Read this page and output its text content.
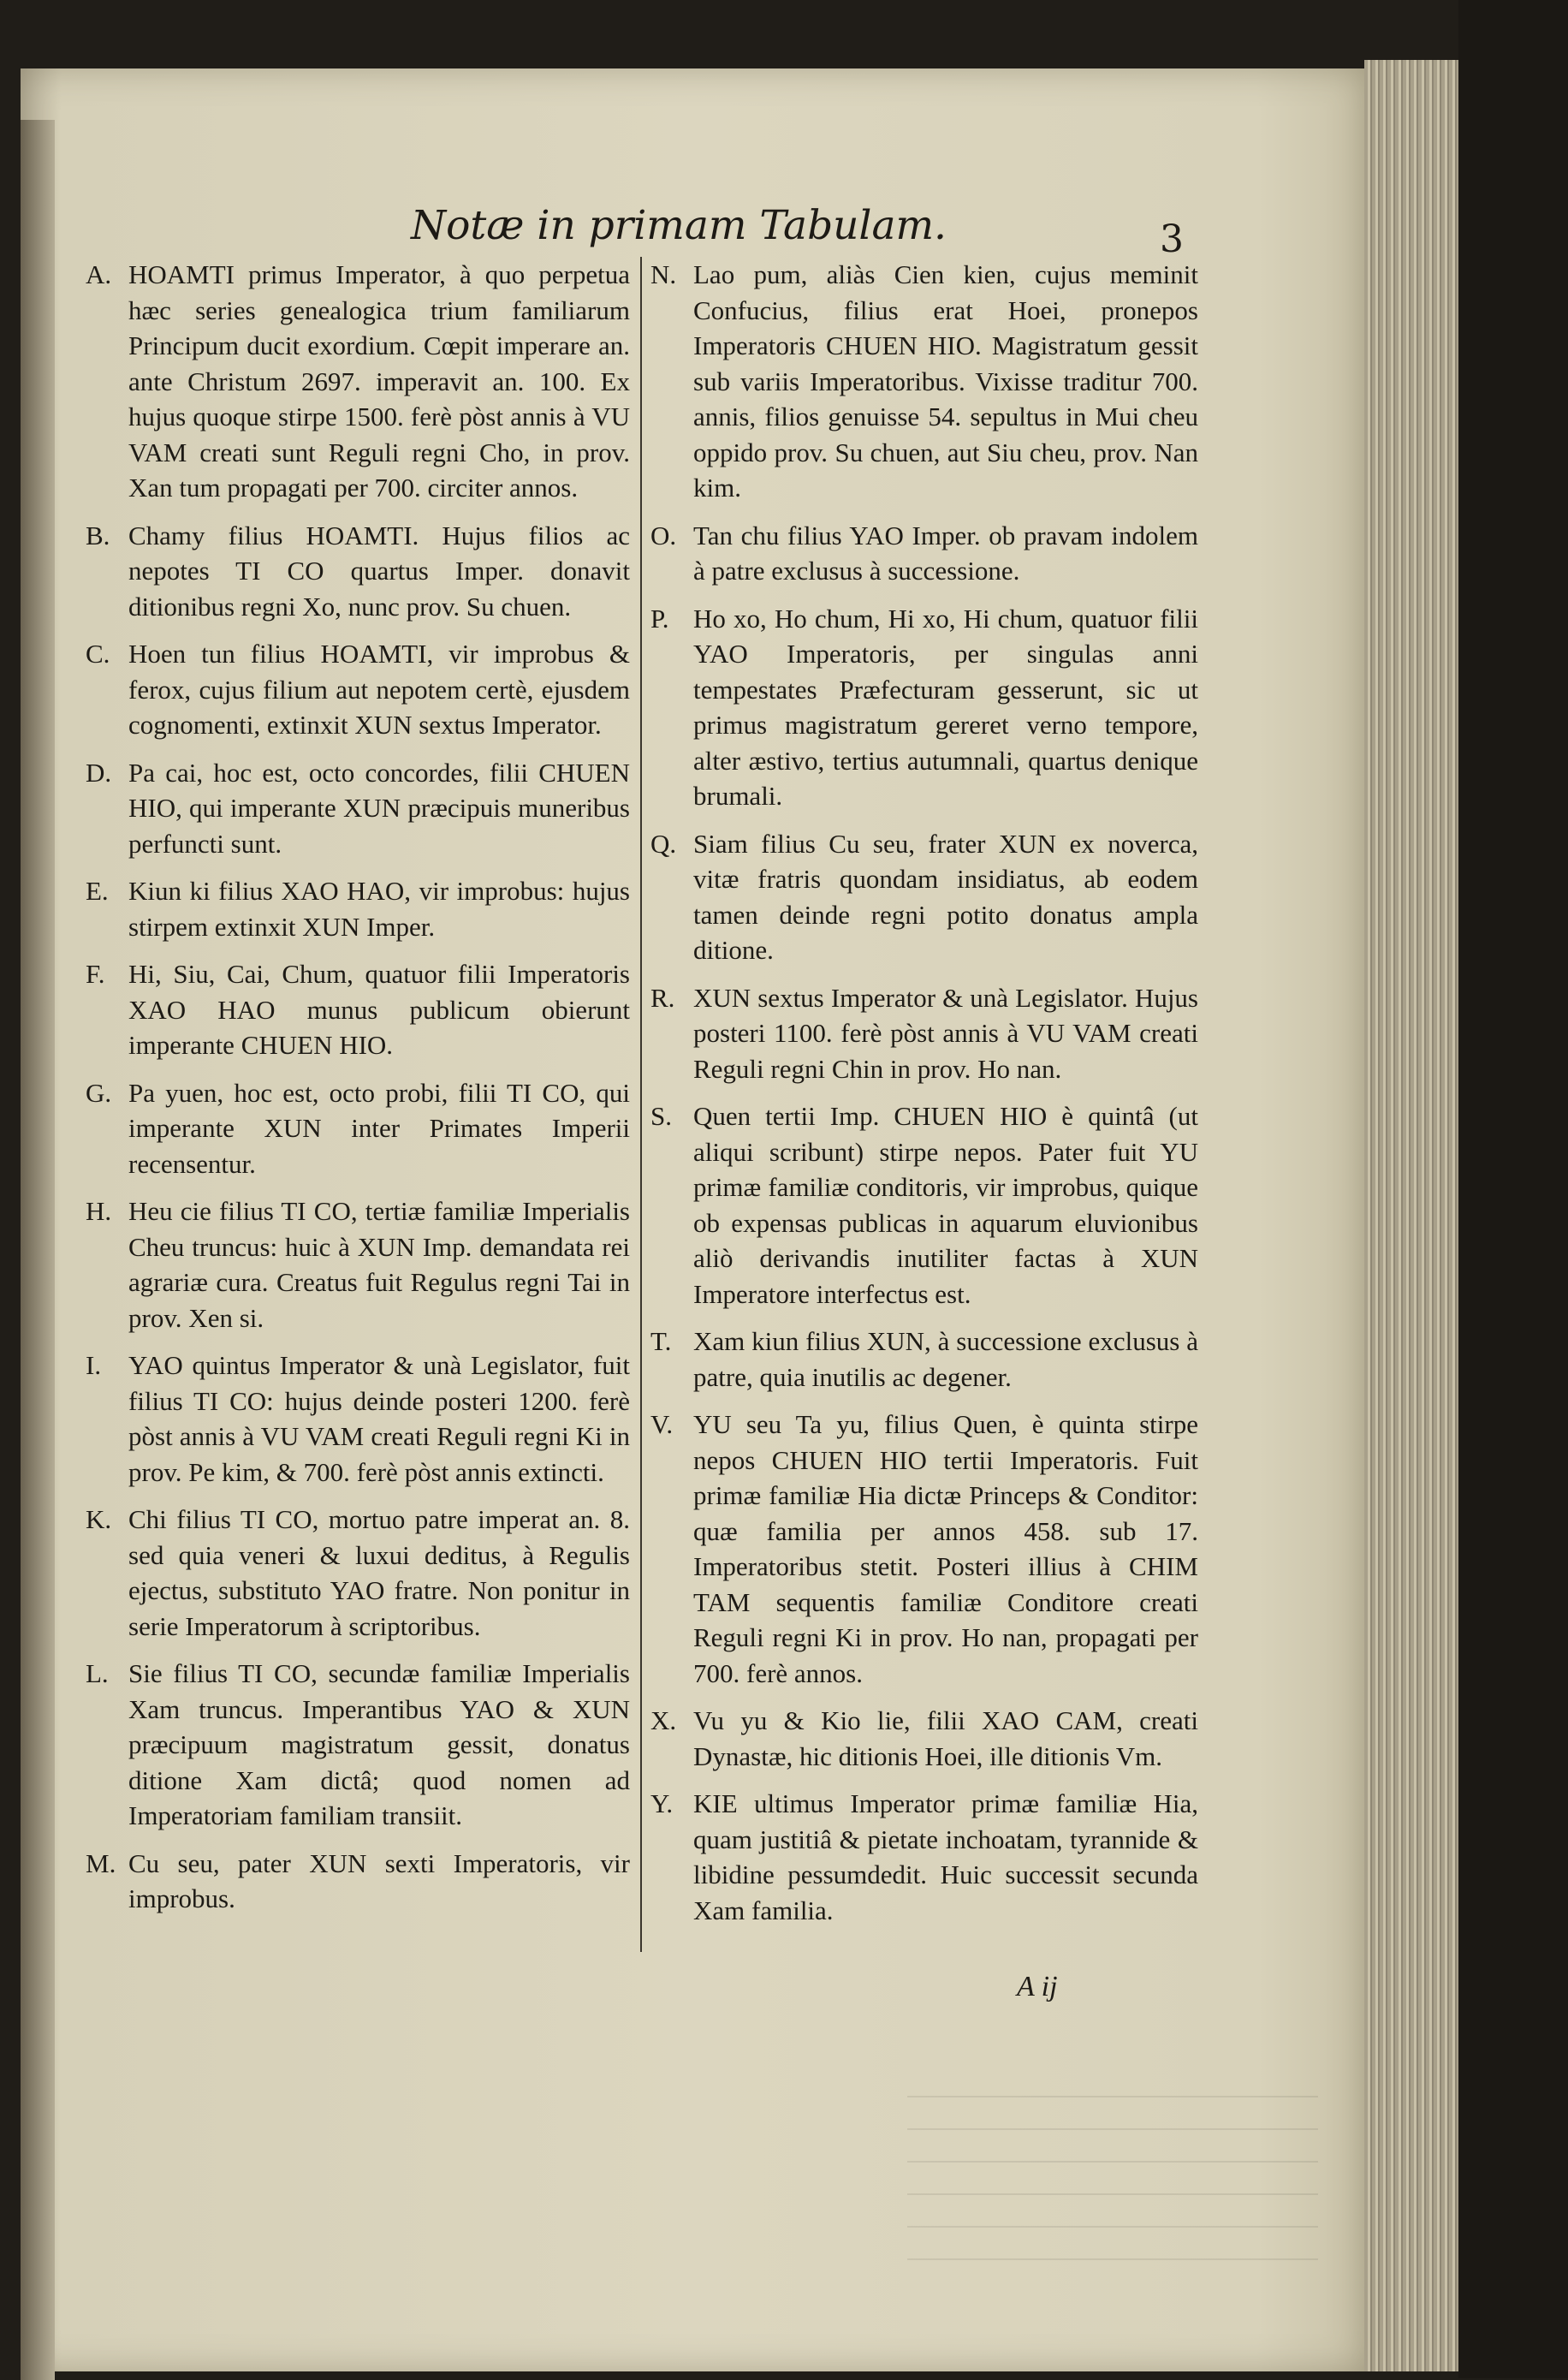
Notæ in primam Tabulam.	3
A. HOAMTI primus Imperator, à quo perpetua hæc series genealogica trium familiarum Principum ducit exordium. Cœpit imperare an. ante Christum 2697. imperavit an. 100. Ex hujus quoque stirpe 1500. ferè pòst annis à VU VAM creati sunt Reguli regni Cho, in prov. Xan tum propagati per 700. circiter annos.
B. Chamy filius HOAMTI. Hujus filios ac nepotes TI CO quartus Imper. donavit ditionibus regni Xo, nunc prov. Su chuen.
C. Hoen tun filius HOAMTI, vir improbus & ferox, cujus filium aut nepotem certè, ejusdem cognomenti, extinxit XUN sextus Imperator.
D. Pa cai, hoc est, octo concordes, filii CHUEN HIO, qui imperante XUN præcipuis muneribus perfuncti sunt.
E. Kiun ki filius XAO HAO, vir improbus: hujus stirpem extinxit XUN Imper.
F. Hi, Siu, Cai, Chum, quatuor filii Imperatoris XAO HAO munus publicum obierunt imperante CHUEN HIO.
G. Pa yuen, hoc est, octo probi, filii TI CO, qui imperante XUN inter Primates Imperii recensentur.
H. Heu cie filius TI CO, tertiæ familiæ Imperialis Cheu truncus: huic à XUN Imp. demandata rei agrariæ cura. Creatus fuit Regulus regni Tai in prov. Xen si.
I. YAO quintus Imperator & unà Legislator, fuit filius TI CO: hujus deinde posteri 1200. ferè pòst annis à VU VAM creati Reguli regni Ki in prov. Pe kim, & 700. ferè pòst annis extincti.
K. Chi filius TI CO, mortuo patre imperat an. 8. sed quia veneri & luxui deditus, à Regulis ejectus, substituto YAO fratre. Non ponitur in serie Imperatorum à scriptoribus.
L. Sie filius TI CO, secundæ familiæ Imperialis Xam truncus. Imperantibus YAO & XUN præcipuum magistratum gessit, donatus ditione Xam dictâ; quod nomen ad Imperatoriam familiam transiit.
M. Cu seu, pater XUN sexti Imperatoris, vir improbus.
N. Lao pum, aliàs Cien kien, cujus meminit Confucius, filius erat Hoei, pronepos Imperatoris CHUEN HIO. Magistratum gessit sub variis Imperatoribus. Vixisse traditur 700. annis, filios genuisse 54. sepultus in Mui cheu oppido prov. Su chuen, aut Siu cheu, prov. Nan kim.
O. Tan chu filius YAO Imper. ob pravam indolem à patre exclusus à successione.
P. Ho xo, Ho chum, Hi xo, Hi chum, quatuor filii YAO Imperatoris, per singulas anni tempestates Præfecturam gesserunt, sic ut primus magistratum gereret verno tempore, alter æstivo, tertius autumnali, quartus denique brumali.
Q. Siam filius Cu seu, frater XUN ex noverca, vitæ fratris quondam insidiatus, ab eodem tamen deinde regni potito donatus ampla ditione.
R. XUN sextus Imperator & unà Legislator. Hujus posteri 1100. ferè pòst annis à VU VAM creati Reguli regni Chin in prov. Ho nan.
S. Quen tertii Imp. CHUEN HIO è quintâ (ut aliqui scribunt) stirpe nepos. Pater fuit YU primæ familiæ conditoris, vir improbus, quique ob expensas publicas in aquarum eluvionibus aliò derivandis inutiliter factas à XUN Imperatore interfectus est.
T. Xam kiun filius XUN, à successione exclusus à patre, quia inutilis ac degener.
V. YU seu Ta yu, filius Quen, è quinta stirpe nepos CHUEN HIO tertii Imperatoris. Fuit primæ familiæ Hia dictæ Princeps & Conditor: quæ familia per annos 458. sub 17. Imperatoribus stetit. Posteri illius à CHIM TAM sequentis familiæ Conditore creati Reguli regni Ki in prov. Ho nan, propagati per 700. ferè annos.
X. Vu yu & Kio lie, filii XAO CAM, creati Dynastæ, hic ditionis Hoei, ille ditionis Vm.
Y. KIE ultimus Imperator primæ familiæ Hia, quam justitiâ & pietate inchoatam, tyrannide & libidine pessumdedit. Huic successit secunda Xam familia.
A ij
